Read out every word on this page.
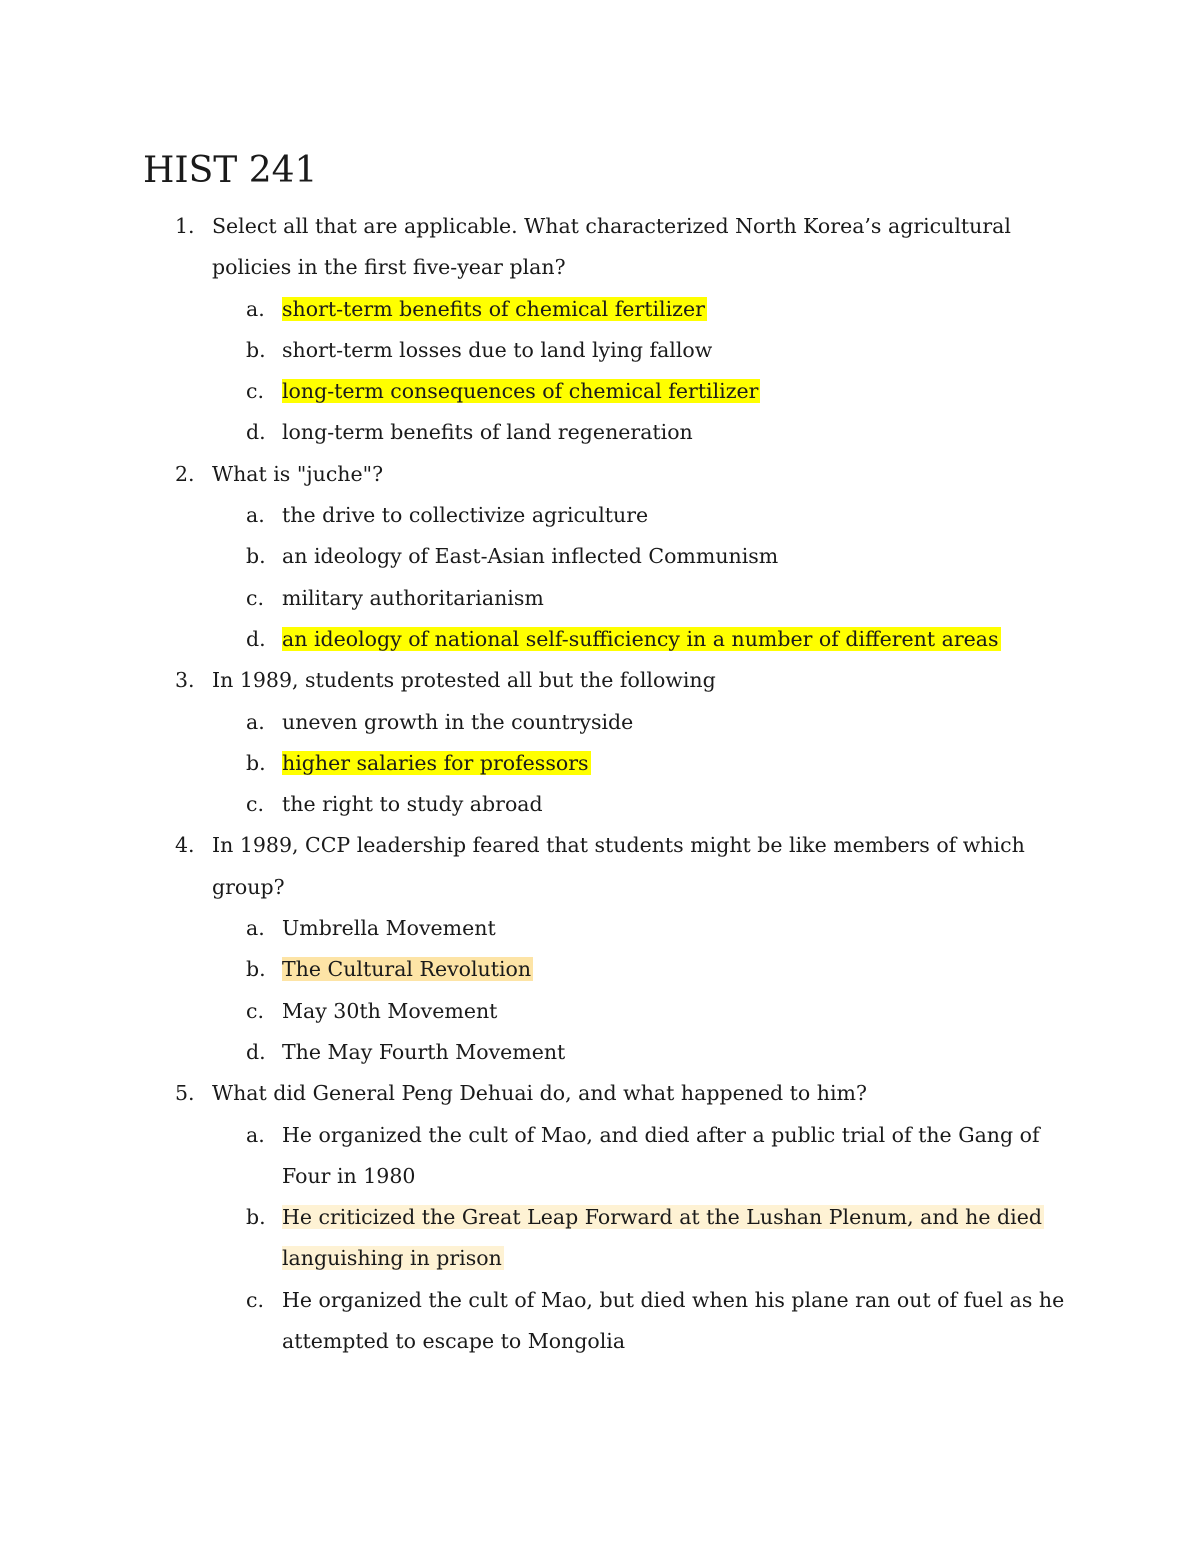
HIST 241
1. Select all that are applicable. What characterized North Korea’s agricultural policies in the first five-year plan?
a. short-term benefits of chemical fertilizer
b. short-term losses due to land lying fallow
c. long-term consequences of chemical fertilizer
d. long-term benefits of land regeneration
2. What is "juche"?
a. the drive to collectivize agriculture
b. an ideology of East-Asian inflected Communism
c. military authoritarianism
d. an ideology of national self-sufficiency in a number of different areas
3. In 1989, students protested all but the following
a. uneven growth in the countryside
b. higher salaries for professors
c. the right to study abroad
4. In 1989, CCP leadership feared that students might be like members of which group?
a. Umbrella Movement
b. The Cultural Revolution
c. May 30th Movement
d. The May Fourth Movement
5. What did General Peng Dehuai do, and what happened to him?
a. He organized the cult of Mao, and died after a public trial of the Gang of Four in 1980
b. He criticized the Great Leap Forward at the Lushan Plenum, and he died languishing in prison
c. He organized the cult of Mao, but died when his plane ran out of fuel as he attempted to escape to Mongolia
